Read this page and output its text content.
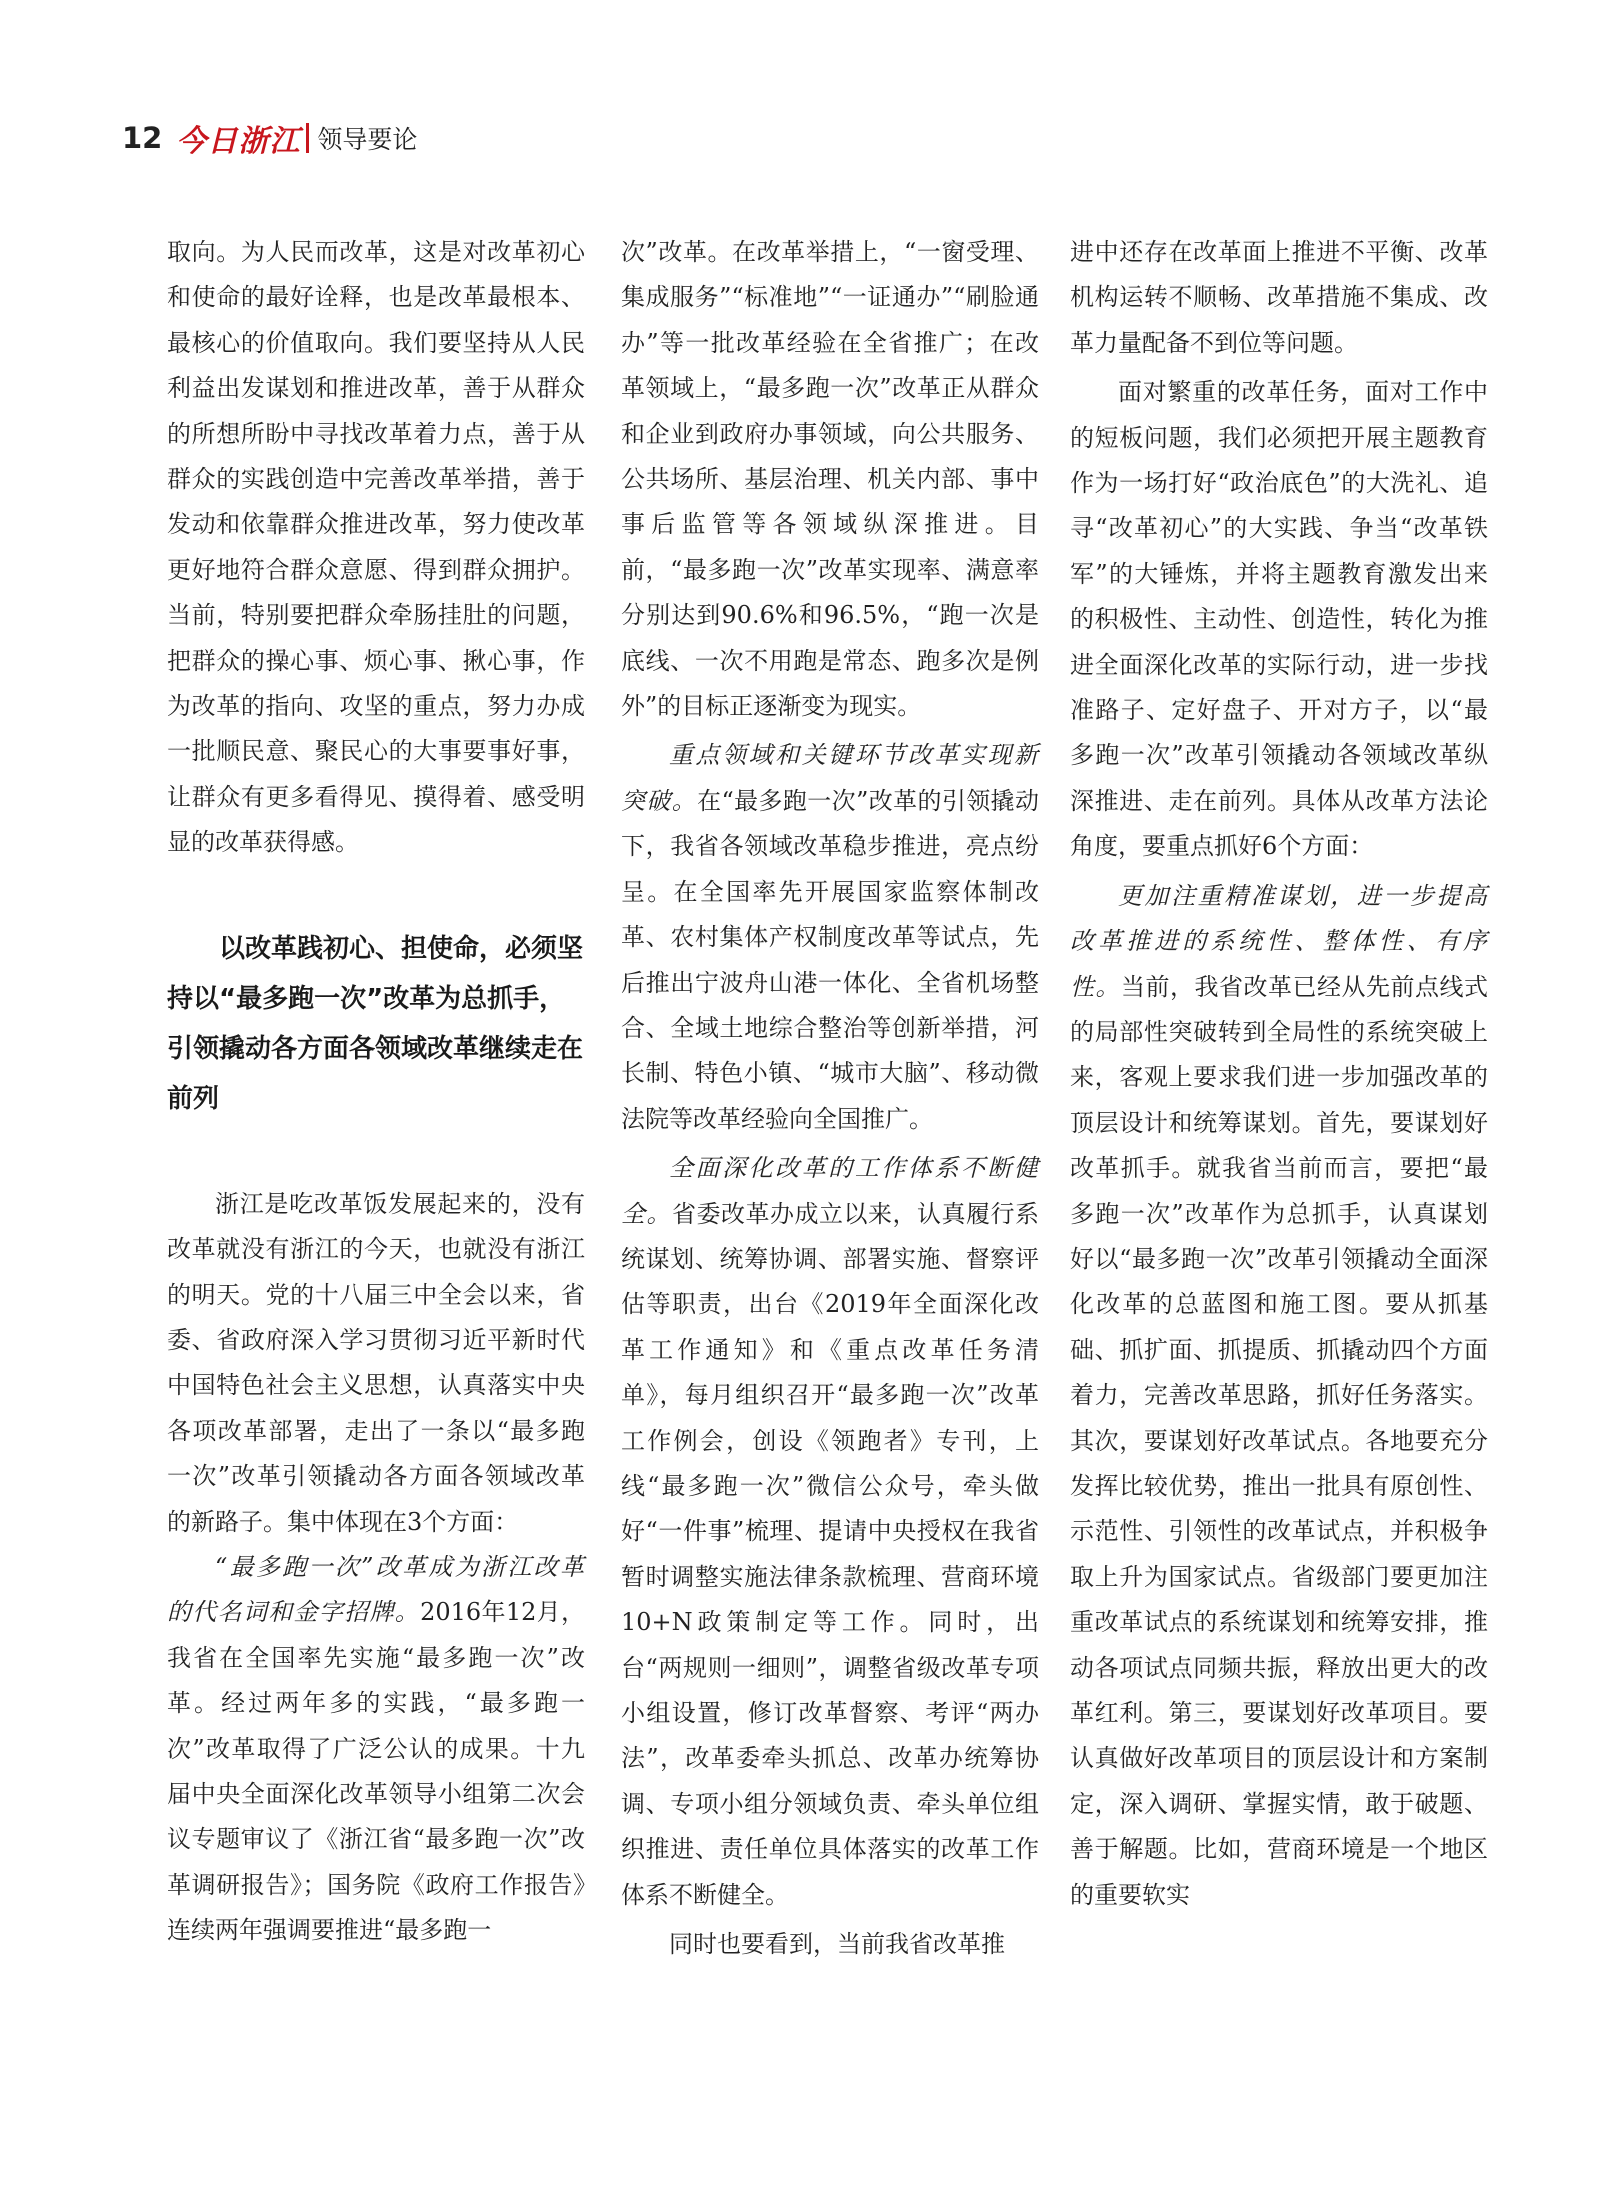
12 今日浙江 领导要论

取向。为人民而改革，这是对改革初心和使命的最好诠释，也是改革最根本、最核心的价值取向。我们要坚持从人民利益出发谋划和推进改革，善于从群众的所想所盼中寻找改革着力点，善于从群众的实践创造中完善改革举措，善于发动和依靠群众推进改革，努力使改革更好地符合群众意愿、得到群众拥护。当前，特别要把群众牵肠挂肚的问题，把群众的操心事、烦心事、揪心事，作为改革的指向、攻坚的重点，努力办成一批顺民意、聚民心的大事要事好事，让群众有更多看得见、摸得着、感受明显的改革获得感。

以改革践初心、担使命，必须坚持以“最多跑一次”改革为总抓手，引领撬动各方面各领域改革继续走在前列

浙江是吃改革饭发展起来的，没有改革就没有浙江的今天，也就没有浙江的明天。党的十八届三中全会以来，省委、省政府深入学习贯彻习近平新时代中国特色社会主义思想，认真落实中央各项改革部署，走出了一条以“最多跑一次”改革引领撬动各方面各领域改革的新路子。集中体现在3个方面：

“最多跑一次”改革成为浙江改革的代名词和金字招牌。2016年12月，我省在全国率先实施“最多跑一次”改革。经过两年多的实践，“最多跑一次”改革取得了广泛公认的成果。十九届中央全面深化改革领导小组第二次会议专题审议了《浙江省“最多跑一次”改革调研报告》；国务院《政府工作报告》连续两年强调要推进“最多跑一

次”改革。在改革举措上，“一窗受理、集成服务”“标准地”“一证通办”“刷脸通办”等一批改革经验在全省推广；在改革领域上，“最多跑一次”改革正从群众和企业到政府办事领域，向公共服务、公共场所、基层治理、机关内部、事中事后监管等各领域纵深推进。目前，“最多跑一次”改革实现率、满意率分别达到90.6%和96.5%，“跑一次是底线、一次不用跑是常态、跑多次是例外”的目标正逐渐变为现实。

重点领域和关键环节改革实现新突破。在“最多跑一次”改革的引领撬动下，我省各领域改革稳步推进，亮点纷呈。在全国率先开展国家监察体制改革、农村集体产权制度改革等试点，先后推出宁波舟山港一体化、全省机场整合、全域土地综合整治等创新举措，河长制、特色小镇、“城市大脑”、移动微法院等改革经验向全国推广。

全面深化改革的工作体系不断健全。省委改革办成立以来，认真履行系统谋划、统筹协调、部署实施、督察评估等职责，出台《2019年全面深化改革工作通知》和《重点改革任务清单》，每月组织召开“最多跑一次”改革工作例会，创设《领跑者》专刊，上线“最多跑一次”微信公众号，牵头做好“一件事”梳理、提请中央授权在我省暂时调整实施法律条款梳理、营商环境10+N政策制定等工作。同时，出台“两规则一细则”，调整省级改革专项小组设置，修订改革督察、考评“两办法”，改革委牵头抓总、改革办统筹协调、专项小组分领域负责、牵头单位组织推进、责任单位具体落实的改革工作体系不断健全。

同时也要看到，当前我省改革推

进中还存在改革面上推进不平衡、改革机构运转不顺畅、改革措施不集成、改革力量配备不到位等问题。

面对繁重的改革任务，面对工作中的短板问题，我们必须把开展主题教育作为一场打好“政治底色”的大洗礼、追寻“改革初心”的大实践、争当“改革铁军”的大锤炼，并将主题教育激发出来的积极性、主动性、创造性，转化为推进全面深化改革的实际行动，进一步找准路子、定好盘子、开对方子，以“最多跑一次”改革引领撬动各领域改革纵深推进、走在前列。具体从改革方法论角度，要重点抓好6个方面：

更加注重精准谋划，进一步提高改革推进的系统性、整体性、有序性。当前，我省改革已经从先前点线式的局部性突破转到全局性的系统突破上来，客观上要求我们进一步加强改革的顶层设计和统筹谋划。首先，要谋划好改革抓手。就我省当前而言，要把“最多跑一次”改革作为总抓手，认真谋划好以“最多跑一次”改革引领撬动全面深化改革的总蓝图和施工图。要从抓基础、抓扩面、抓提质、抓撬动四个方面着力，完善改革思路，抓好任务落实。其次，要谋划好改革试点。各地要充分发挥比较优势，推出一批具有原创性、示范性、引领性的改革试点，并积极争取上升为国家试点。省级部门要更加注重改革试点的系统谋划和统筹安排，推动各项试点同频共振，释放出更大的改革红利。第三，要谋划好改革项目。要认真做好改革项目的顶层设计和方案制定，深入调研、掌握实情，敢于破题、善于解题。比如，营商环境是一个地区的重要软实
